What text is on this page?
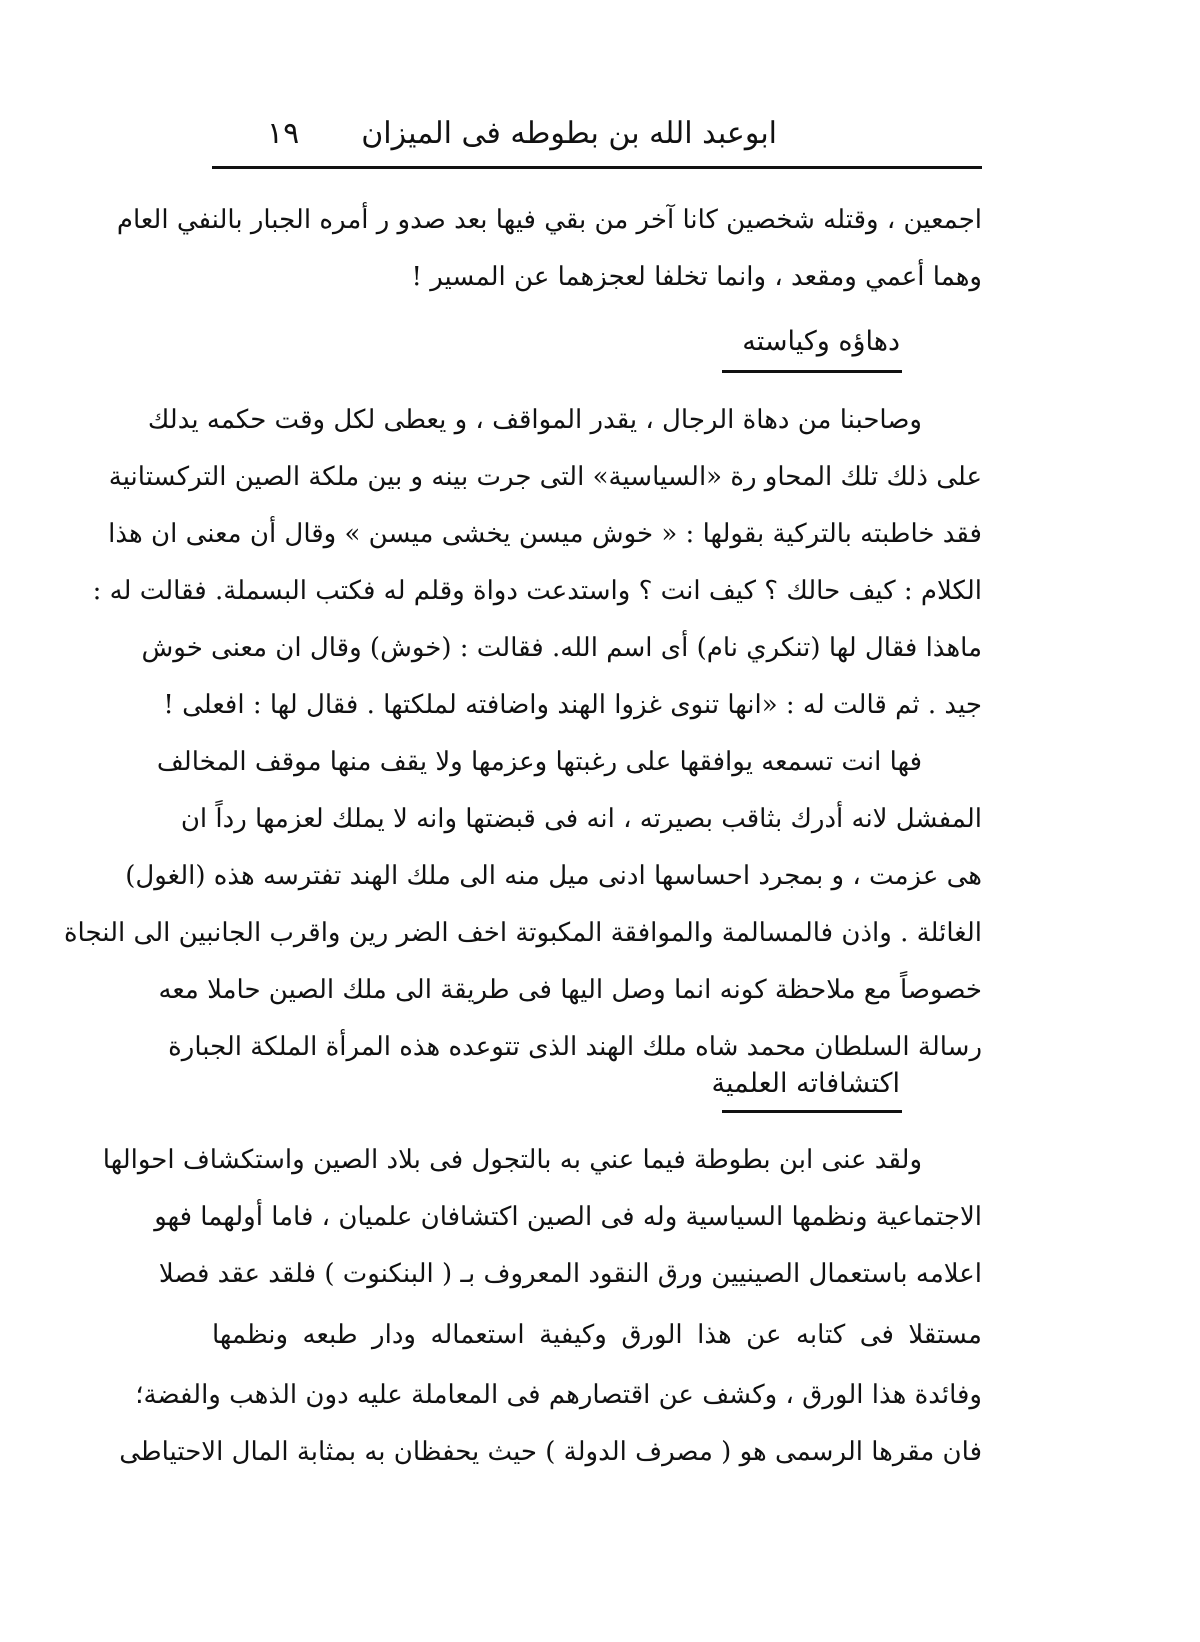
ابوعبد الله بن بطوطه فى الميزان
١٩
اجمعين ، وقتله شخصين كانا آخر من بقي فيها بعد صدو ر أمره الجبار بالنفي العام
وهما أعمي ومقعد ، وانما تخلفا لعجزهما عن المسير !
دهاؤه وكياسته
وصاحبنا من دهاة الرجال ، يقدر المواقف ، و يعطى لكل وقت حكمه يدلك
على ذلك تلك المحاو رة «السياسية» التى جرت بينه و بين ملكة الصين التركستانية
فقد خاطبته بالتركية بقولها : « خوش ميسن يخشى ميسن » وقال أن معنى ان هذا
الكلام : كيف حالك ؟ كيف انت ؟ واستدعت دواة وقلم له فكتب البسملة. فقالت له :
ماهذا فقال لها (تنكري نام) أى اسم الله. فقالت : (خوش) وقال ان معنى خوش
جيد . ثم قالت له : «انها تنوى غزوا الهند واضافته لملكتها . فقال لها : افعلى !
فها انت تسمعه يوافقها على رغبتها وعزمها ولا يقف منها موقف المخالف
المفشل لانه أدرك بثاقب بصيرته ، انه فى قبضتها وانه لا يملك لعزمها رداً ان
هى عزمت ، و بمجرد احساسها ادنى ميل منه الى ملك الهند تفترسه هذه (الغول)
الغائلة . واذن فالمسالمة والموافقة المكبوتة اخف الضر رين واقرب الجانبين الى النجاة
خصوصاً مع ملاحظة كونه انما وصل اليها فى طريقة الى ملك الصين حاملا معه
رسالة السلطان محمد شاه ملك الهند الذى تتوعده هذه المرأة الملكة الجبارة
اكتشافاته العلمية
ولقد عنى ابن بطوطة فيما عني به بالتجول فى بلاد الصين واستكشاف احوالها
الاجتماعية ونظمها السياسية وله فى الصين اكتشافان علميان ، فاما أولهما فهو
اعلامه باستعمال الصينيين ورق النقود المعروف بـ ( البنكنوت ) فلقد عقد فصلا
مستقلا فى كتابه عن هذا الورق وكيفية استعماله ودار طبعه ونظمها
وفائدة هذا الورق ، وكشف عن اقتصارهم فى المعاملة عليه دون الذهب والفضة؛
فان مقرها الرسمى هو ( مصرف الدولة ) حيث يحفظان به بمثابة المال الاحتياطى
